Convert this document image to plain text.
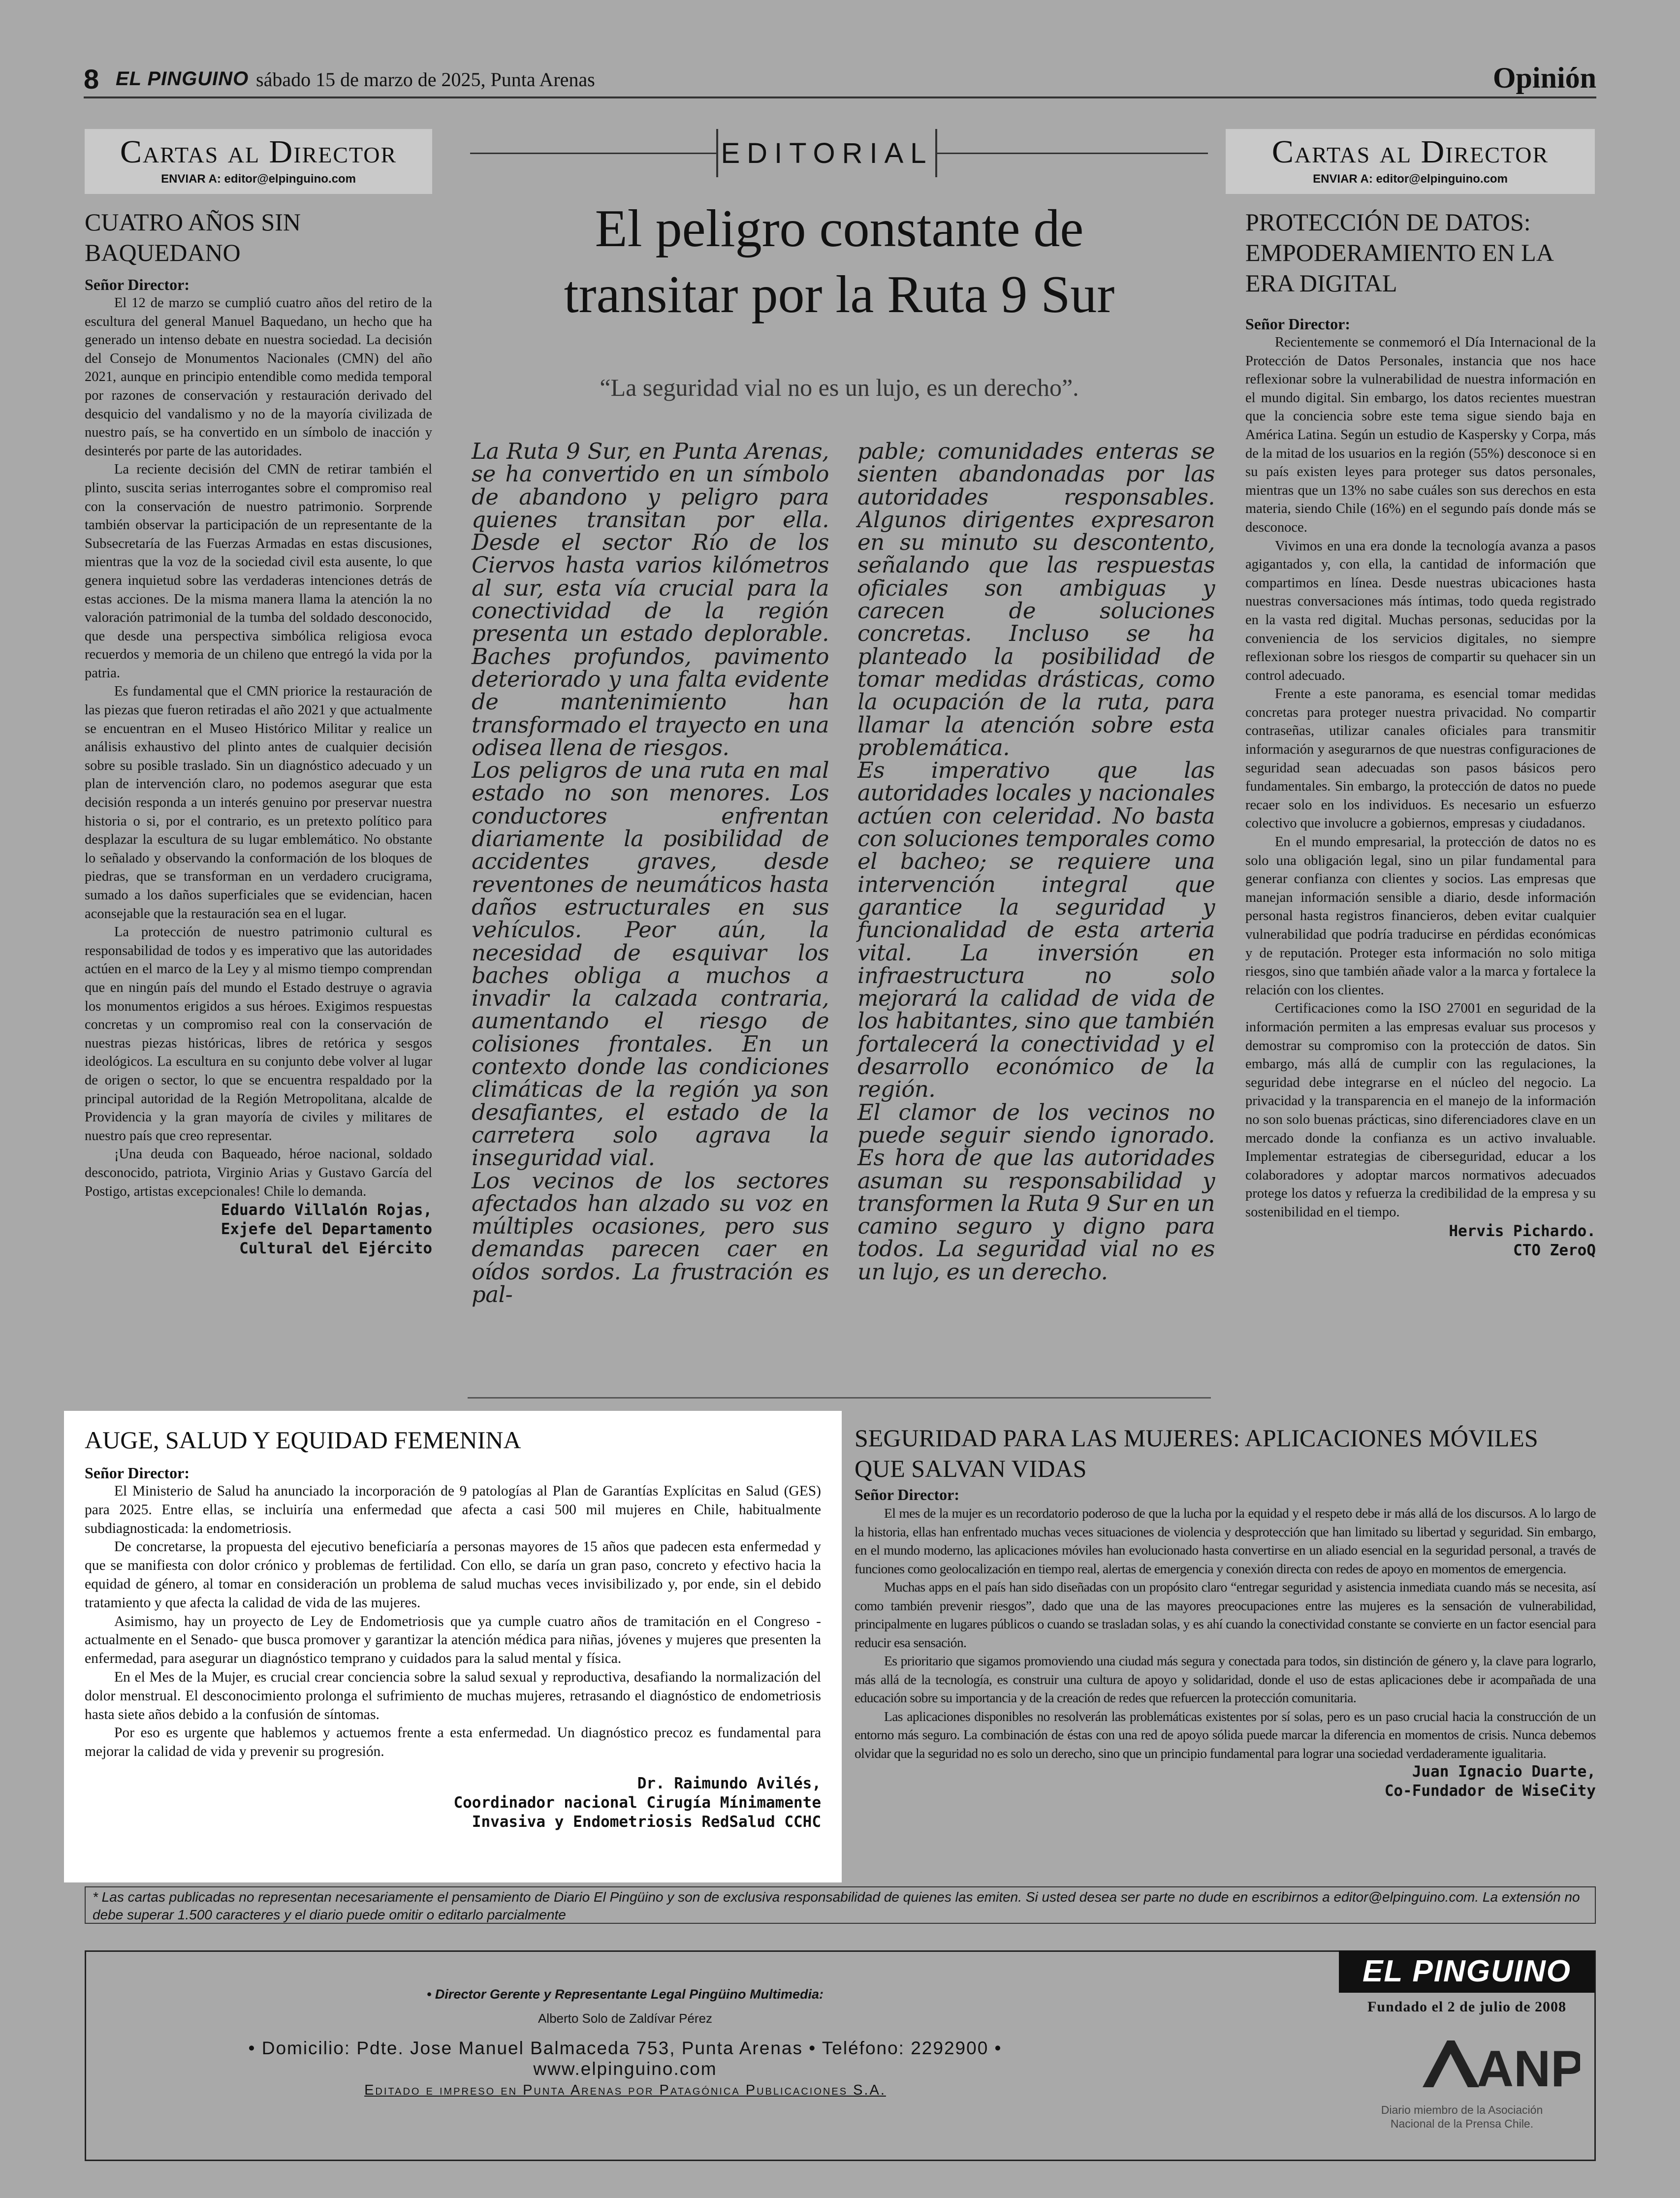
8 EL PINGUINO sábado 15 de marzo de 2025, Punta Arenas	Opinión
Cartas al Director
ENVIAR A: editor@elpinguino.com
CUATRO AÑOS SIN BAQUEDANO
Señor Director:

El 12 de marzo se cumplió cuatro años del retiro de la escultura del general Manuel Baquedano, un hecho que ha generado un intenso debate en nuestra sociedad. La decisión del Consejo de Monumentos Nacionales (CMN) del año 2021, aunque en principio entendible como medida temporal por razones de conservación y restauración derivado del desquicio del vandalismo y no de la mayoría civilizada de nuestro país, se ha convertido en un símbolo de inacción y desinterés por parte de las autoridades.

La reciente decisión del CMN de retirar también el plinto, suscita serias interrogantes sobre el compromiso real con la conservación de nuestro patrimonio. Sorprende también observar la participación de un representante de la Subsecretaría de las Fuerzas Armadas en estas discusiones, mientras que la voz de la sociedad civil esta ausente, lo que genera inquietud sobre las verdaderas intenciones detrás de estas acciones. De la misma manera llama la atención la no valoración patrimonial de la tumba del soldado desconocido, que desde una perspectiva simbólica religiosa evoca recuerdos y memoria de un chileno que entregó la vida por la patria.

Es fundamental que el CMN priorice la restauración de las piezas que fueron retiradas el año 2021 y que actualmente se encuentran en el Museo Histórico Militar y realice un análisis exhaustivo del plinto antes de cualquier decisión sobre su posible traslado. Sin un diagnóstico adecuado y un plan de intervención claro, no podemos asegurar que esta decisión responda a un interés genuino por preservar nuestra historia o si, por el contrario, es un pretexto político para desplazar la escultura de su lugar emblemático. No obstante lo señalado y observando la conformación de los bloques de piedras, que se transforman en un verdadero crucigrama, sumado a los daños superficiales que se evidencian, hacen aconsejable que la restauración sea en el lugar.

La protección de nuestro patrimonio cultural es responsabilidad de todos y es imperativo que las autoridades actúen en el marco de la Ley y al mismo tiempo comprendan que en ningún país del mundo el Estado destruye o agravia los monumentos erigidos a sus héroes. Exigimos respuestas concretas y un compromiso real con la conservación de nuestras piezas históricas, libres de retórica y sesgos ideológicos. La escultura en su conjunto debe volver al lugar de origen o sector, lo que se encuentra respaldado por la principal autoridad de la Región Metropolitana, alcalde de Providencia y la gran mayoría de civiles y militares de nuestro país que creo representar.

¡Una deuda con Baqueado, héroe nacional, soldado desconocido, patriota, Virginio Arias y Gustavo García del Postigo, artistas excepcionales! Chile lo demanda.

Eduardo Villalón Rojas,
Exjefe del Departamento
Cultural del Ejército
EDITORIAL
El peligro constante de
transitar por la Ruta 9 Sur
“La seguridad vial no es un lujo, es un derecho”.

La Ruta 9 Sur, en Punta Arenas, se ha convertido en un símbolo de abandono y peligro para quienes transitan por ella. Desde el sector Río de los Ciervos hasta varios kilómetros al sur, esta vía crucial para la conectividad de la región presenta un estado deplorable. Baches profundos, pavimento deteriorado y una falta evidente de mantenimiento han transformado el trayecto en una odisea llena de riesgos.

Los peligros de una ruta en mal estado no son menores. Los conductores enfrentan diariamente la posibilidad de accidentes graves, desde reventones de neumáticos hasta daños estructurales en sus vehículos. Peor aún, la necesidad de esquivar los baches obliga a muchos a invadir la calzada contraria, aumentando el riesgo de colisiones frontales. En un contexto donde las condiciones climáticas de la región ya son desafiantes, el estado de la carretera solo agrava la inseguridad vial.

Los vecinos de los sectores afectados han alzado su voz en múltiples ocasiones, pero sus demandas parecen caer en oídos sordos. La frustración es pal-

pable; comunidades enteras se sienten abandonadas por las autoridades responsables. Algunos dirigentes expresaron en su minuto su descontento, señalando que las respuestas oficiales son ambiguas y carecen de soluciones concretas. Incluso se ha planteado la posibilidad de tomar medidas drásticas, como la ocupación de la ruta, para llamar la atención sobre esta problemática.

Es imperativo que las autoridades locales y nacionales actúen con celeridad. No basta con soluciones temporales como el bacheo; se requiere una intervención integral que garantice la seguridad y funcionalidad de esta arteria vital. La inversión en infraestructura no solo mejorará la calidad de vida de los habitantes, sino que también fortalecerá la conectividad y el desarrollo económico de la región.

El clamor de los vecinos no puede seguir siendo ignorado. Es hora de que las autoridades asuman su responsabilidad y transformen la Ruta 9 Sur en un camino seguro y digno para todos. La seguridad vial no es un lujo, es un derecho.

Cartas al Director
ENVIAR A: editor@elpinguino.com
PROTECCIÓN DE DATOS: EMPODERAMIENTO EN LA ERA DIGITAL
Señor Director:

Recientemente se conmemoró el Día Internacional de la Protección de Datos Personales, instancia que nos hace reflexionar sobre la vulnerabilidad de nuestra información en el mundo digital. Sin embargo, los datos recientes muestran que la conciencia sobre este tema sigue siendo baja en América Latina. Según un estudio de Kaspersky y Corpa, más de la mitad de los usuarios en la región (55%) desconoce si en su país existen leyes para proteger sus datos personales, mientras que un 13% no sabe cuáles son sus derechos en esta materia, siendo Chile (16%) en el segundo país donde más se desconoce.

Vivimos en una era donde la tecnología avanza a pasos agigantados y, con ella, la cantidad de información que compartimos en línea. Desde nuestras ubicaciones hasta nuestras conversaciones más íntimas, todo queda registrado en la vasta red digital. Muchas personas, seducidas por la conveniencia de los servicios digitales, no siempre reflexionan sobre los riesgos de compartir su quehacer sin un control adecuado.

Frente a este panorama, es esencial tomar medidas concretas para proteger nuestra privacidad. No compartir contraseñas, utilizar canales oficiales para transmitir información y asegurarnos de que nuestras configuraciones de seguridad sean adecuadas son pasos básicos pero fundamentales. Sin embargo, la protección de datos no puede recaer solo en los individuos. Es necesario un esfuerzo colectivo que involucre a gobiernos, empresas y ciudadanos.

En el mundo empresarial, la protección de datos no es solo una obligación legal, sino un pilar fundamental para generar confianza con clientes y socios. Las empresas que manejan información sensible a diario, desde información personal hasta registros financieros, deben evitar cualquier vulnerabilidad que podría traducirse en pérdidas económicas y de reputación. Proteger esta información no solo mitiga riesgos, sino que también añade valor a la marca y fortalece la relación con los clientes.

Certificaciones como la ISO 27001 en seguridad de la información permiten a las empresas evaluar sus procesos y demostrar su compromiso con la protección de datos. Sin embargo, más allá de cumplir con las regulaciones, la seguridad debe integrarse en el núcleo del negocio. La privacidad y la transparencia en el manejo de la información no son solo buenas prácticas, sino diferenciadores clave en un mercado donde la confianza es un activo invaluable. Implementar estrategias de ciberseguridad, educar a los colaboradores y adoptar marcos normativos adecuados protege los datos y refuerza la credibilidad de la empresa y su sostenibilidad en el tiempo.

Hervis Pichardo.
CTO ZeroQ
AUGE, SALUD Y EQUIDAD FEMENINA
Señor Director:

El Ministerio de Salud ha anunciado la incorporación de 9 patologías al Plan de Garantías Explícitas en Salud (GES) para 2025. Entre ellas, se incluiría una enfermedad que afecta a casi 500 mil mujeres en Chile, habitualmente subdiagnosticada: la endometriosis.

De concretarse, la propuesta del ejecutivo beneficiaría a personas mayores de 15 años que padecen esta enfermedad y que se manifiesta con dolor crónico y problemas de fertilidad. Con ello, se daría un gran paso, concreto y efectivo hacia la equidad de género, al tomar en consideración un problema de salud muchas veces invisibilizado y, por ende, sin el debido tratamiento y que afecta la calidad de vida de las mujeres.

Asimismo, hay un proyecto de Ley de Endometriosis que ya cumple cuatro años de tramitación en el Congreso -actualmente en el Senado- que busca promover y garantizar la atención médica para niñas, jóvenes y mujeres que presenten la enfermedad, para asegurar un diagnóstico temprano y cuidados para la salud mental y física.

En el Mes de la Mujer, es crucial crear conciencia sobre la salud sexual y reproductiva, desafiando la normalización del dolor menstrual. El desconocimiento prolonga el sufrimiento de muchas mujeres, retrasando el diagnóstico de endometriosis hasta siete años debido a la confusión de síntomas.

Por eso es urgente que hablemos y actuemos frente a esta enfermedad. Un diagnóstico precoz es fundamental para mejorar la calidad de vida y prevenir su progresión.

Dr. Raimundo Avilés,
Coordinador nacional Cirugía Mínimamente
Invasiva y Endometriosis RedSalud CCHC
SEGURIDAD PARA LAS MUJERES: APLICACIONES MÓVILES QUE SALVAN VIDAS
Señor Director:

El mes de la mujer es un recordatorio poderoso de que la lucha por la equidad y el respeto debe ir más allá de los discursos. A lo largo de la historia, ellas han enfrentado muchas veces situaciones de violencia y desprotección que han limitado su libertad y seguridad. Sin embargo, en el mundo moderno, las aplicaciones móviles han evolucionado hasta convertirse en un aliado esencial en la seguridad personal, a través de funciones como geolocalización en tiempo real, alertas de emergencia y conexión directa con redes de apoyo en momentos de emergencia.

Muchas apps en el país han sido diseñadas con un propósito claro “entregar seguridad y asistencia inmediata cuando más se necesita, así como también prevenir riesgos”, dado que una de las mayores preocupaciones entre las mujeres es la sensación de vulnerabilidad, principalmente en lugares públicos o cuando se trasladan solas, y es ahí cuando la conectividad constante se convierte en un factor esencial para reducir esa sensación.

Es prioritario que sigamos promoviendo una ciudad más segura y conectada para todos, sin distinción de género y, la clave para lograrlo, más allá de la tecnología, es construir una cultura de apoyo y solidaridad, donde el uso de estas aplicaciones debe ir acompañada de una educación sobre su importancia y de la creación de redes que refuercen la protección comunitaria.

Las aplicaciones disponibles no resolverán las problemáticas existentes por sí solas, pero es un paso crucial hacia la construcción de un entorno más seguro. La combinación de éstas con una red de apoyo sólida puede marcar la diferencia en momentos de crisis. Nunca debemos olvidar que la seguridad no es solo un derecho, sino que un principio fundamental para lograr una sociedad verdaderamente igualitaria.

Juan Ignacio Duarte,
Co-Fundador de WiseCity
* Las cartas publicadas no representan necesariamente el pensamiento de Diario El Pingüino y son de exclusiva responsabilidad de quienes las emiten. Si usted desea ser parte no dude en escribirnos a editor@elpinguino.com. La extensión no debe superar 1.500 caracteres y el diario puede omitir o editarlo parcialmente
• Director Gerente y Representante Legal Pingüino Multimedia:
Alberto Solo de Zaldívar Pérez
• Domicilio: Pdte. Jose Manuel Balmaceda 753, Punta Arenas • Teléfono: 2292900 • www.elpinguino.com
Editado e impreso en Punta Arenas por Patagónica Publicaciones S.A.
EL PINGUINO
Fundado el 2 de julio de 2008
ANP
Diario miembro de la Asociación
Nacional de la Prensa Chile.
